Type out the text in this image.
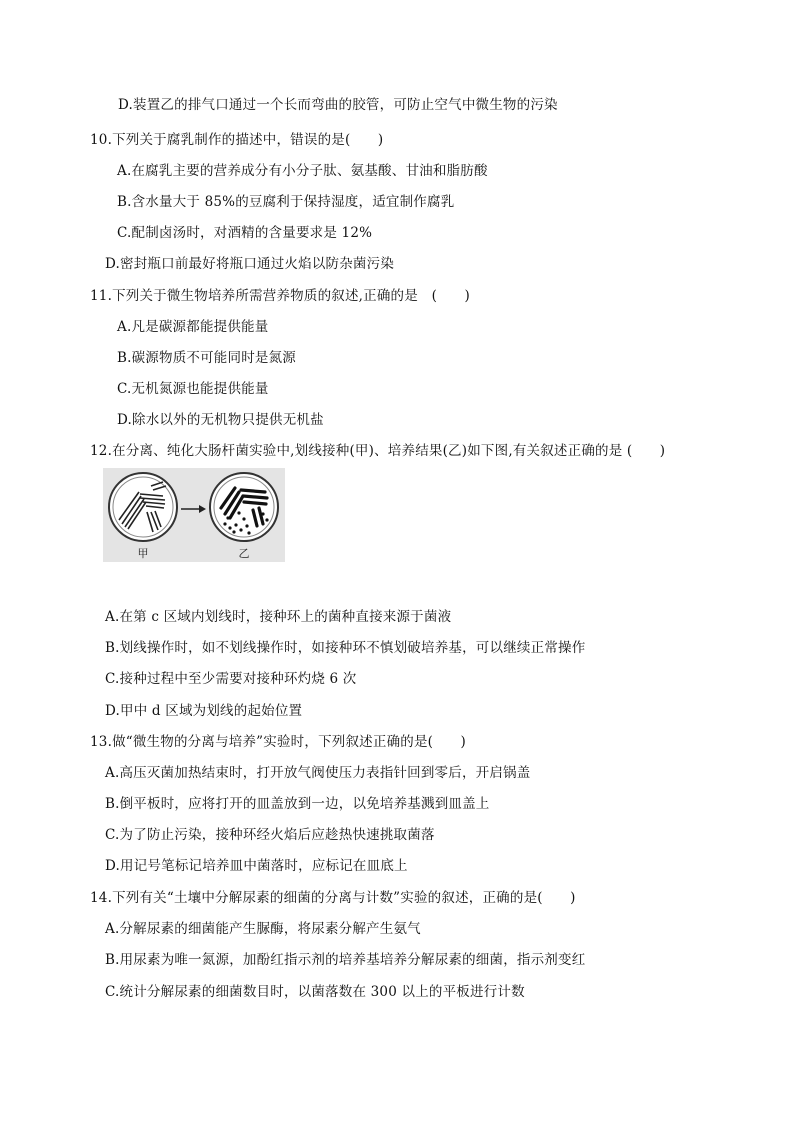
D.装置乙的排气口通过一个长而弯曲的胶管，可防止空气中微生物的污染
10.下列关于腐乳制作的描述中，错误的是(　　)
A.在腐乳主要的营养成分有小分子肽、氨基酸、甘油和脂肪酸
B.含水量大于 85%的豆腐利于保持湿度，适宜制作腐乳
C.配制卤汤时，对酒精的含量要求是 12%
D.密封瓶口前最好将瓶口通过火焰以防杂菌污染
11.下列关于微生物培养所需营养物质的叙述,正确的是　(　　)
A.凡是碳源都能提供能量
B.碳源物质不可能同时是氮源
C.无机氮源也能提供能量
D.除水以外的无机物只提供无机盐
12.在分离、纯化大肠杆菌实验中,划线接种(甲)、培养结果(乙)如下图,有关叙述正确的是 (　　)
甲	乙
A.在第 c 区域内划线时，接种环上的菌种直接来源于菌液
B.划线操作时，如不划线操作时，如接种环不慎划破培养基，可以继续正常操作
C.接种过程中至少需要对接种环灼烧 6 次
D.甲中 d 区域为划线的起始位置
13.做“微生物的分离与培养”实验时，下列叙述正确的是(　　)
A.高压灭菌加热结束时，打开放气阀使压力表指针回到零后，开启锅盖
B.倒平板时，应将打开的皿盖放到一边，以免培养基溅到皿盖上
C.为了防止污染，接种环经火焰后应趁热快速挑取菌落
D.用记号笔标记培养皿中菌落时，应标记在皿底上
14.下列有关“土壤中分解尿素的细菌的分离与计数”实验的叙述，正确的是(　　)
A.分解尿素的细菌能产生脲酶，将尿素分解产生氨气
B.用尿素为唯一氮源，加酚红指示剂的培养基培养分解尿素的细菌，指示剂变红
C.统计分解尿素的细菌数目时，以菌落数在 300 以上的平板进行计数
